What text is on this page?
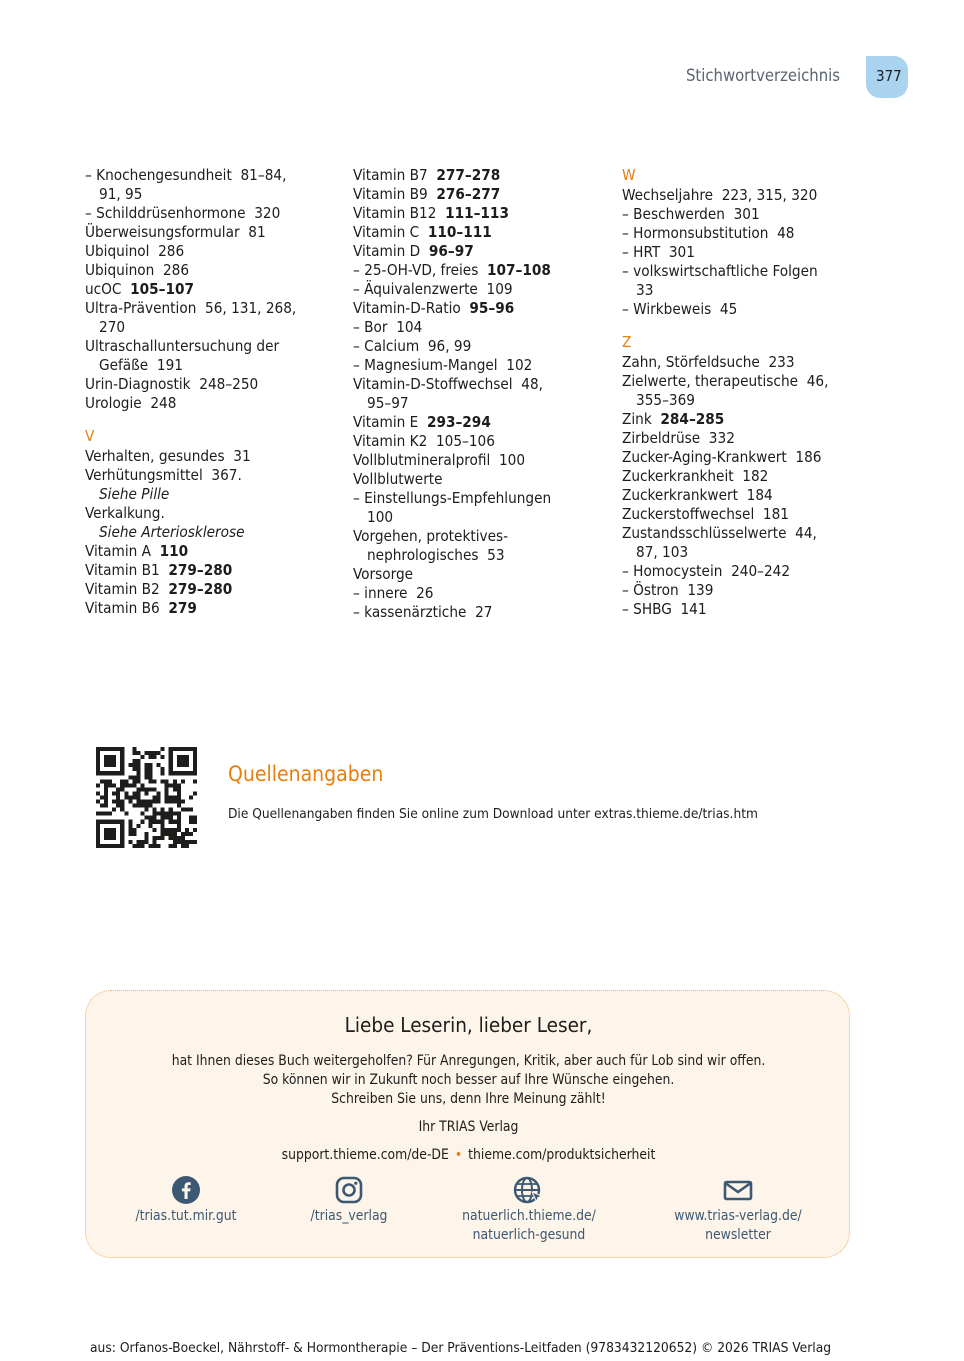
Stichwortverzeichnis 377
– Knochengesundheit  81–84,
91, 95
– Schilddrüsenhormone  320
Überweisungsformular  81
Ubiquinol  286
Ubiquinon  286
ucOC  105–107
Ultra-Prävention  56, 131, 268,
270
Ultraschalluntersuchung der
Gefäße  191
Urin-Diagnostik  248–250
Urologie  248
V
Verhalten, gesundes  31
Verhütungsmittel  367.
Siehe Pille
Verkalkung.
Siehe Arteriosklerose
Vitamin A  110
Vitamin B1  279–280
Vitamin B2  279–280
Vitamin B6  279
Vitamin B7  277–278
Vitamin B9  276–277
Vitamin B12  111–113
Vitamin C  110–111
Vitamin D  96–97
– 25-OH-VD, freies  107–108
– Äquivalenzwerte  109
Vitamin-D-Ratio  95–96
– Bor  104
– Calcium  96, 99
– Magnesium-Mangel  102
Vitamin-D-Stoffwechsel  48,
95–97
Vitamin E  293–294
Vitamin K2  105–106
Vollblutmineralprofil  100
Vollblutwerte
– Einstellungs-Empfehlungen
100
Vorgehen, protektives-
nephrologisches  53
Vorsorge
– innere  26
– kassenärztiche  27
W
Wechseljahre  223, 315, 320
– Beschwerden  301
– Hormonsubstitution  48
– HRT  301
– volkswirtschaftliche Folgen
33
– Wirkbeweis  45
Z
Zahn, Störfeldsuche  233
Zielwerte, therapeutische  46,
355–369
Zink  284–285
Zirbeldrüse  332
Zucker-Aging-Krankwert  186
Zuckerkrankheit  182
Zuckerkrankwert  184
Zuckerstoffwechsel  181
Zustandsschlüsselwerte  44,
87, 103
– Homocystein  240–242
– Östron  139
– SHBG  141
Quellenangaben
Die Quellenangaben finden Sie online zum Download unter extras.thieme.de/trias.htm
Liebe Leserin, lieber Leser,
hat Ihnen dieses Buch weitergeholfen? Für Anregungen, Kritik, aber auch für Lob sind wir offen.
So können wir in Zukunft noch besser auf Ihre Wünsche eingehen.
Schreiben Sie uns, denn Ihre Meinung zählt!
Ihr TRIAS Verlag
support.thieme.com/de-DE • thieme.com/produktsicherheit
/trias.tut.mir.gut	/trias_verlag	natuerlich.thieme.de/
natuerlich-gesund
www.trias-verlag.de/
newsletter
aus: Orfanos-Boeckel, Nährstoff- & Hormontherapie – Der Präventions-Leitfaden (9783432120652) © 2026 TRIAS Verlag
